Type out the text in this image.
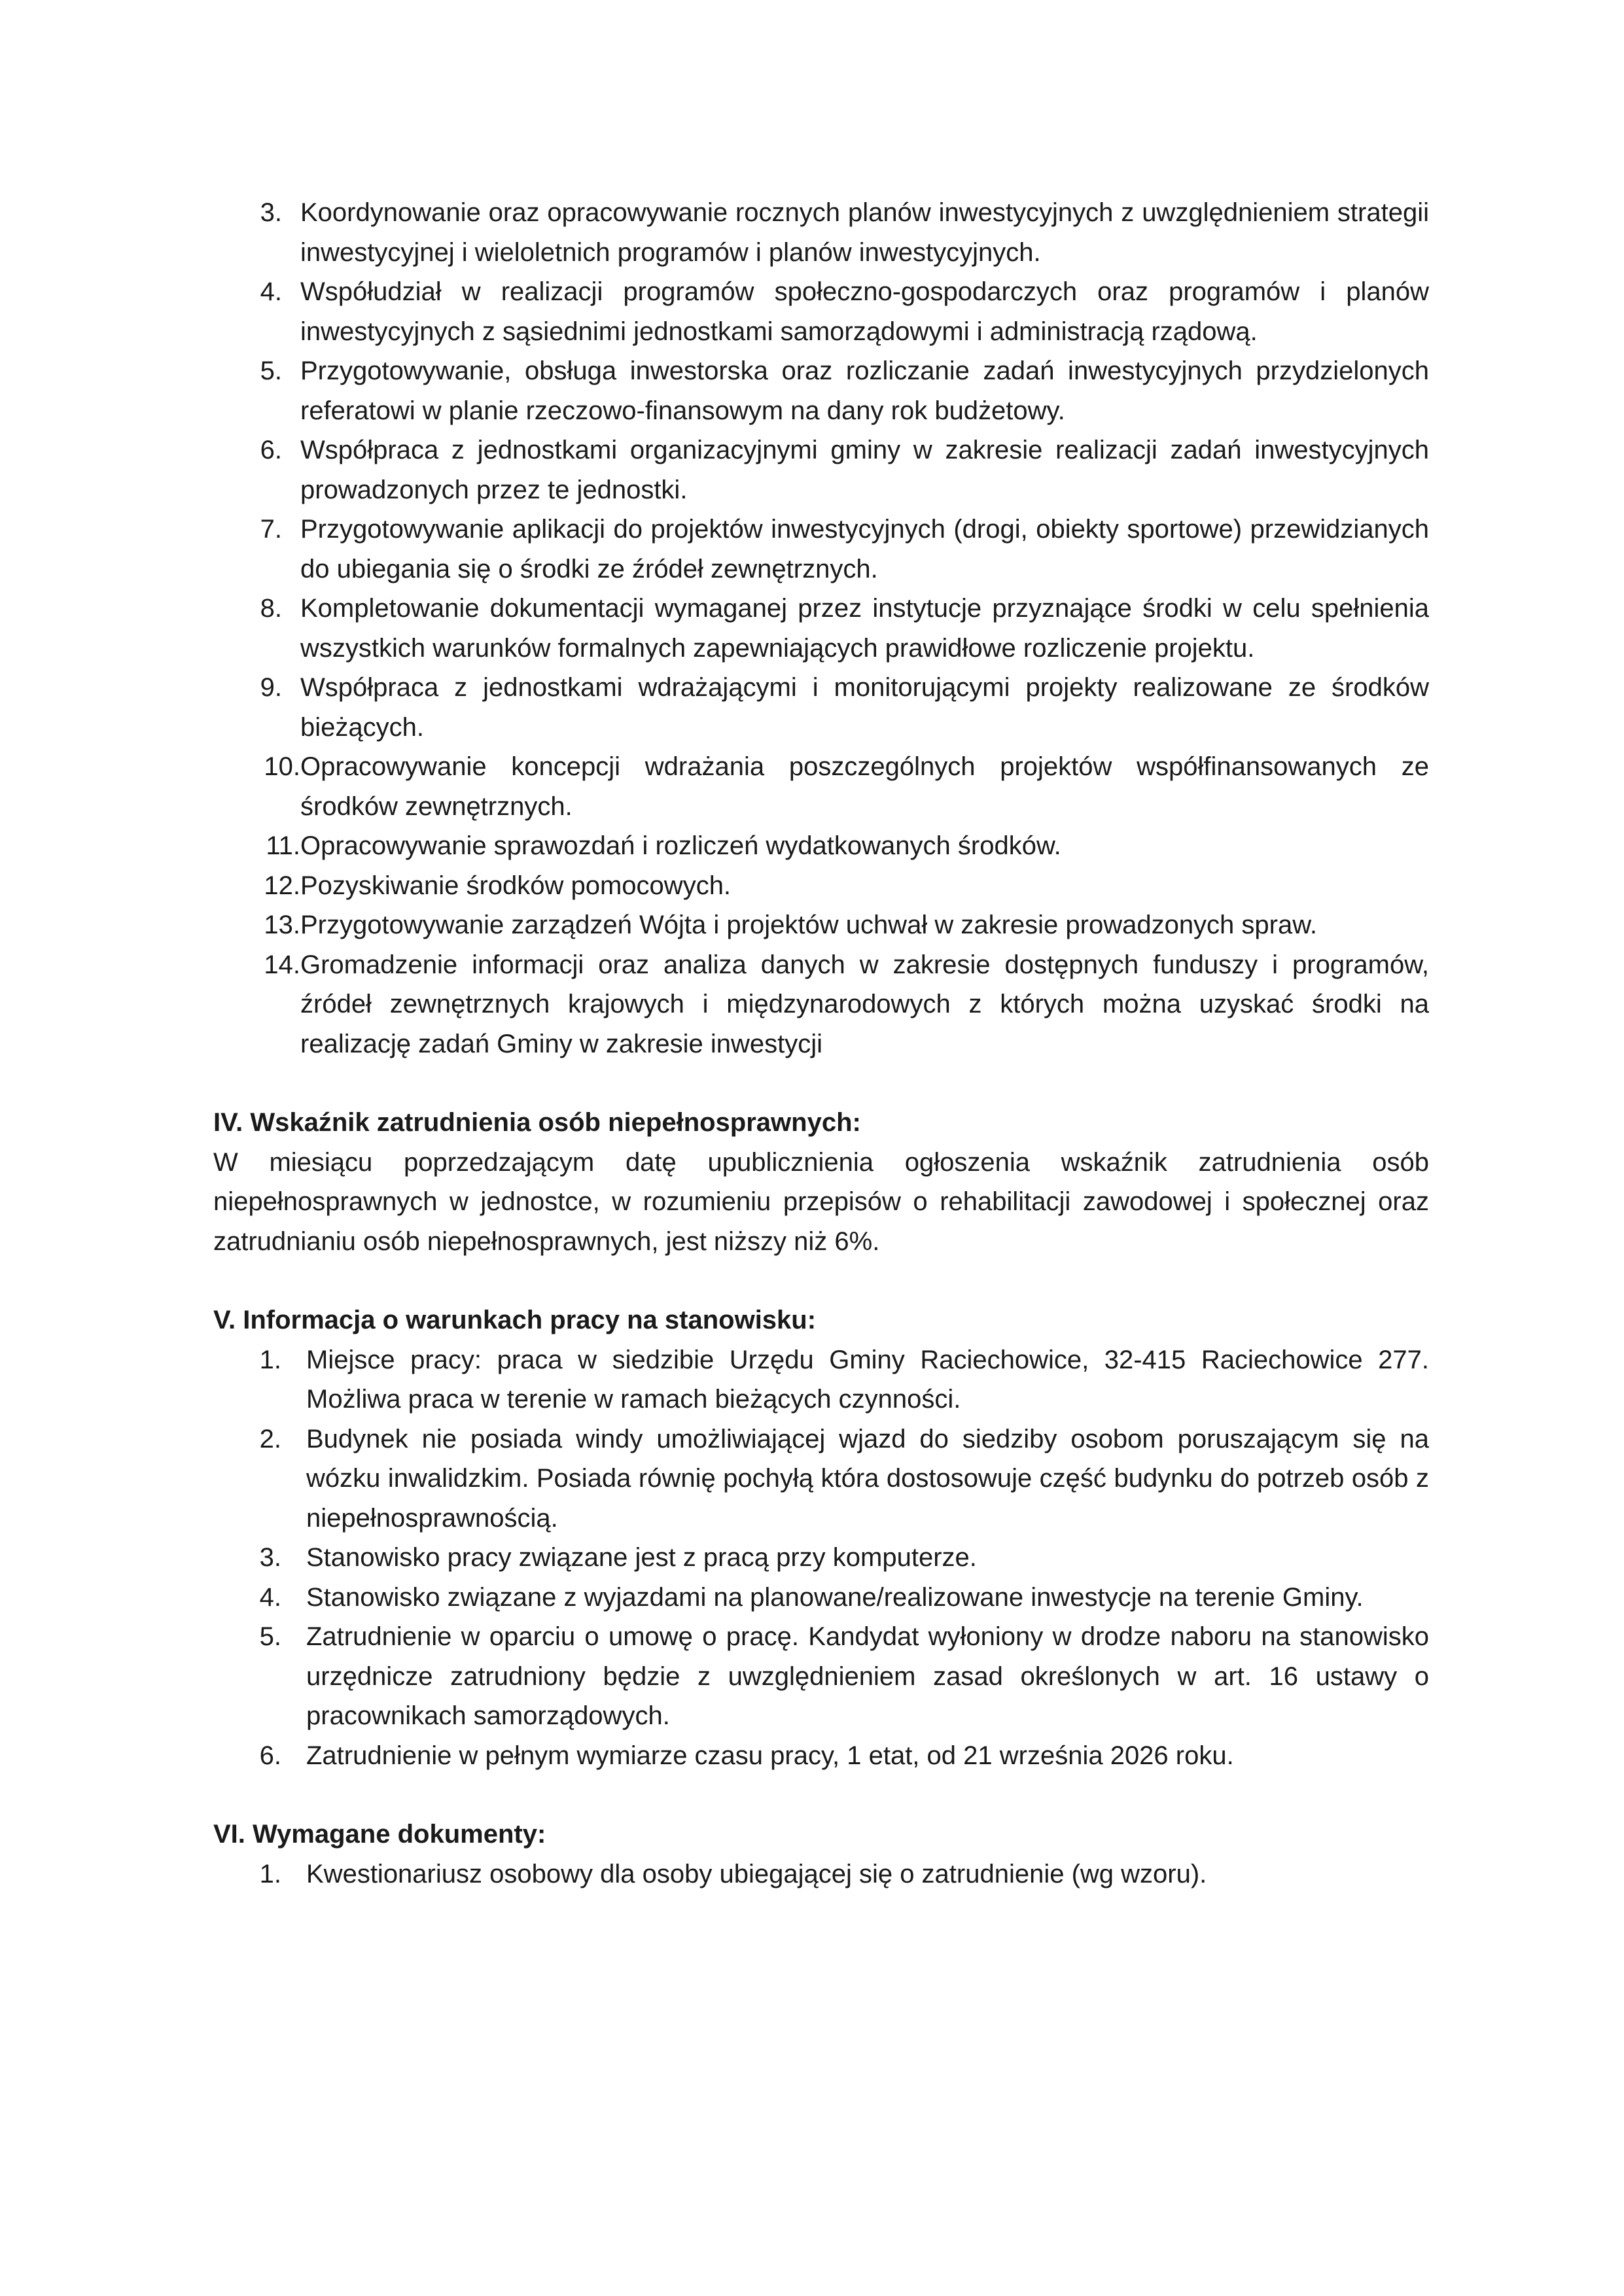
3. Koordynowanie oraz opracowywanie rocznych planów inwestycyjnych z uwzględnieniem strategii inwestycyjnej i wieloletnich programów i planów inwestycyjnych.
4. Współudział w realizacji programów społeczno-gospodarczych oraz programów i planów inwestycyjnych z sąsiednimi jednostkami samorządowymi i administracją rządową.
5. Przygotowywanie, obsługa inwestorska oraz rozliczanie zadań inwestycyjnych przydzielonych referatowi w planie rzeczowo-finansowym na dany rok budżetowy.
6. Współpraca z jednostkami organizacyjnymi gminy w zakresie realizacji zadań inwestycyjnych prowadzonych przez te jednostki.
7. Przygotowywanie aplikacji do projektów inwestycyjnych (drogi, obiekty sportowe) przewidzianych do ubiegania się o środki ze źródeł zewnętrznych.
8. Kompletowanie dokumentacji wymaganej przez instytucje przyznające środki w celu spełnienia wszystkich warunków formalnych zapewniających prawidłowe rozliczenie projektu.
9. Współpraca z jednostkami wdrażającymi i monitorującymi projekty realizowane ze środków bieżących.
10. Opracowywanie koncepcji wdrażania poszczególnych projektów współfinansowanych ze środków zewnętrznych.
11. Opracowywanie sprawozdań i rozliczeń wydatkowanych środków.
12. Pozyskiwanie środków pomocowych.
13. Przygotowywanie zarządzeń Wójta i projektów uchwał w zakresie prowadzonych spraw.
14. Gromadzenie informacji oraz analiza danych w zakresie dostępnych funduszy i programów, źródeł zewnętrznych krajowych i międzynarodowych z których można uzyskać środki na realizację zadań Gminy w zakresie inwestycji

IV. Wskaźnik zatrudnienia osób niepełnosprawnych:

W miesiącu poprzedzającym datę upublicznienia ogłoszenia wskaźnik zatrudnienia osób niepełnosprawnych w jednostce, w rozumieniu przepisów o rehabilitacji zawodowej i społecznej oraz zatrudnianiu osób niepełnosprawnych, jest niższy niż 6%.

V. Informacja o warunkach pracy na stanowisku:

1. Miejsce pracy: praca w siedzibie Urzędu Gminy Raciechowice, 32-415 Raciechowice 277. Możliwa praca w terenie w ramach bieżących czynności.
2. Budynek nie posiada windy umożliwiającej wjazd do siedziby osobom poruszającym się na wózku inwalidzkim. Posiada równię pochyłą która dostosowuje część budynku do potrzeb osób z niepełnosprawnością.
3. Stanowisko pracy związane jest z pracą przy komputerze.
4. Stanowisko związane z wyjazdami na planowane/realizowane inwestycje na terenie Gminy.
5. Zatrudnienie w oparciu o umowę o pracę. Kandydat wyłoniony w drodze naboru na stanowisko urzędnicze zatrudniony będzie z uwzględnieniem zasad określonych w art. 16 ustawy o pracownikach samorządowych.
6. Zatrudnienie w pełnym wymiarze czasu pracy, 1 etat, od 21 września 2026 roku.

VI. Wymagane dokumenty:

1. Kwestionariusz osobowy dla osoby ubiegającej się o zatrudnienie (wg wzoru).
